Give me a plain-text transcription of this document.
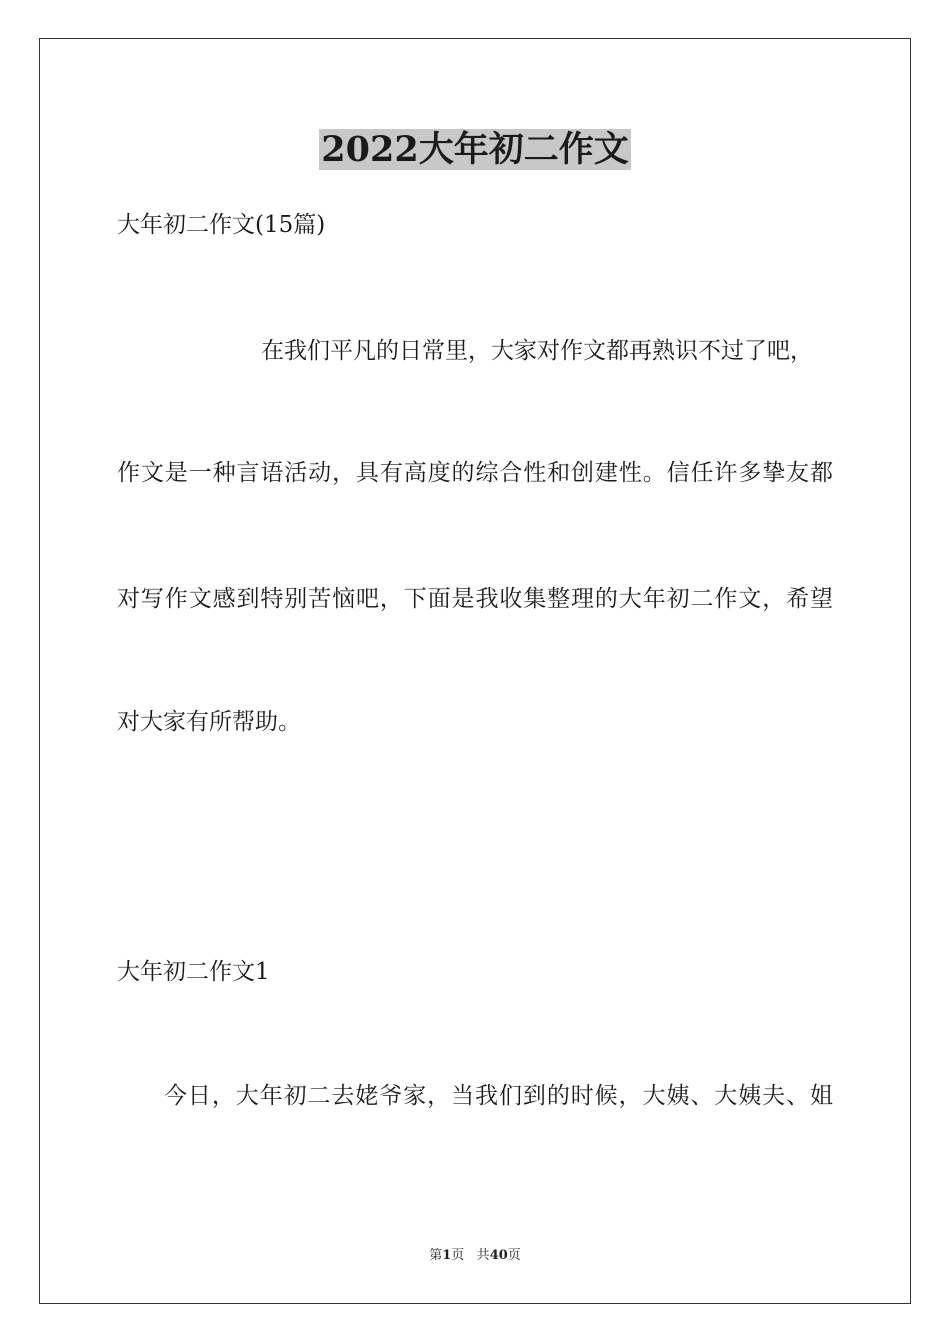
2022大年初二作文
大年初二作文(15篇)
在我们平凡的日常里，大家对作文都再熟识不过了吧，
作文是一种言语活动，具有高度的综合性和创建性。信任许多挚友都
对写作文感到特别苦恼吧，下面是我收集整理的大年初二作文，希望
对大家有所帮助。
大年初二作文1
今日，大年初二去姥爷家，当我们到的时候，大姨、大姨夫、姐
第1页 共40页
